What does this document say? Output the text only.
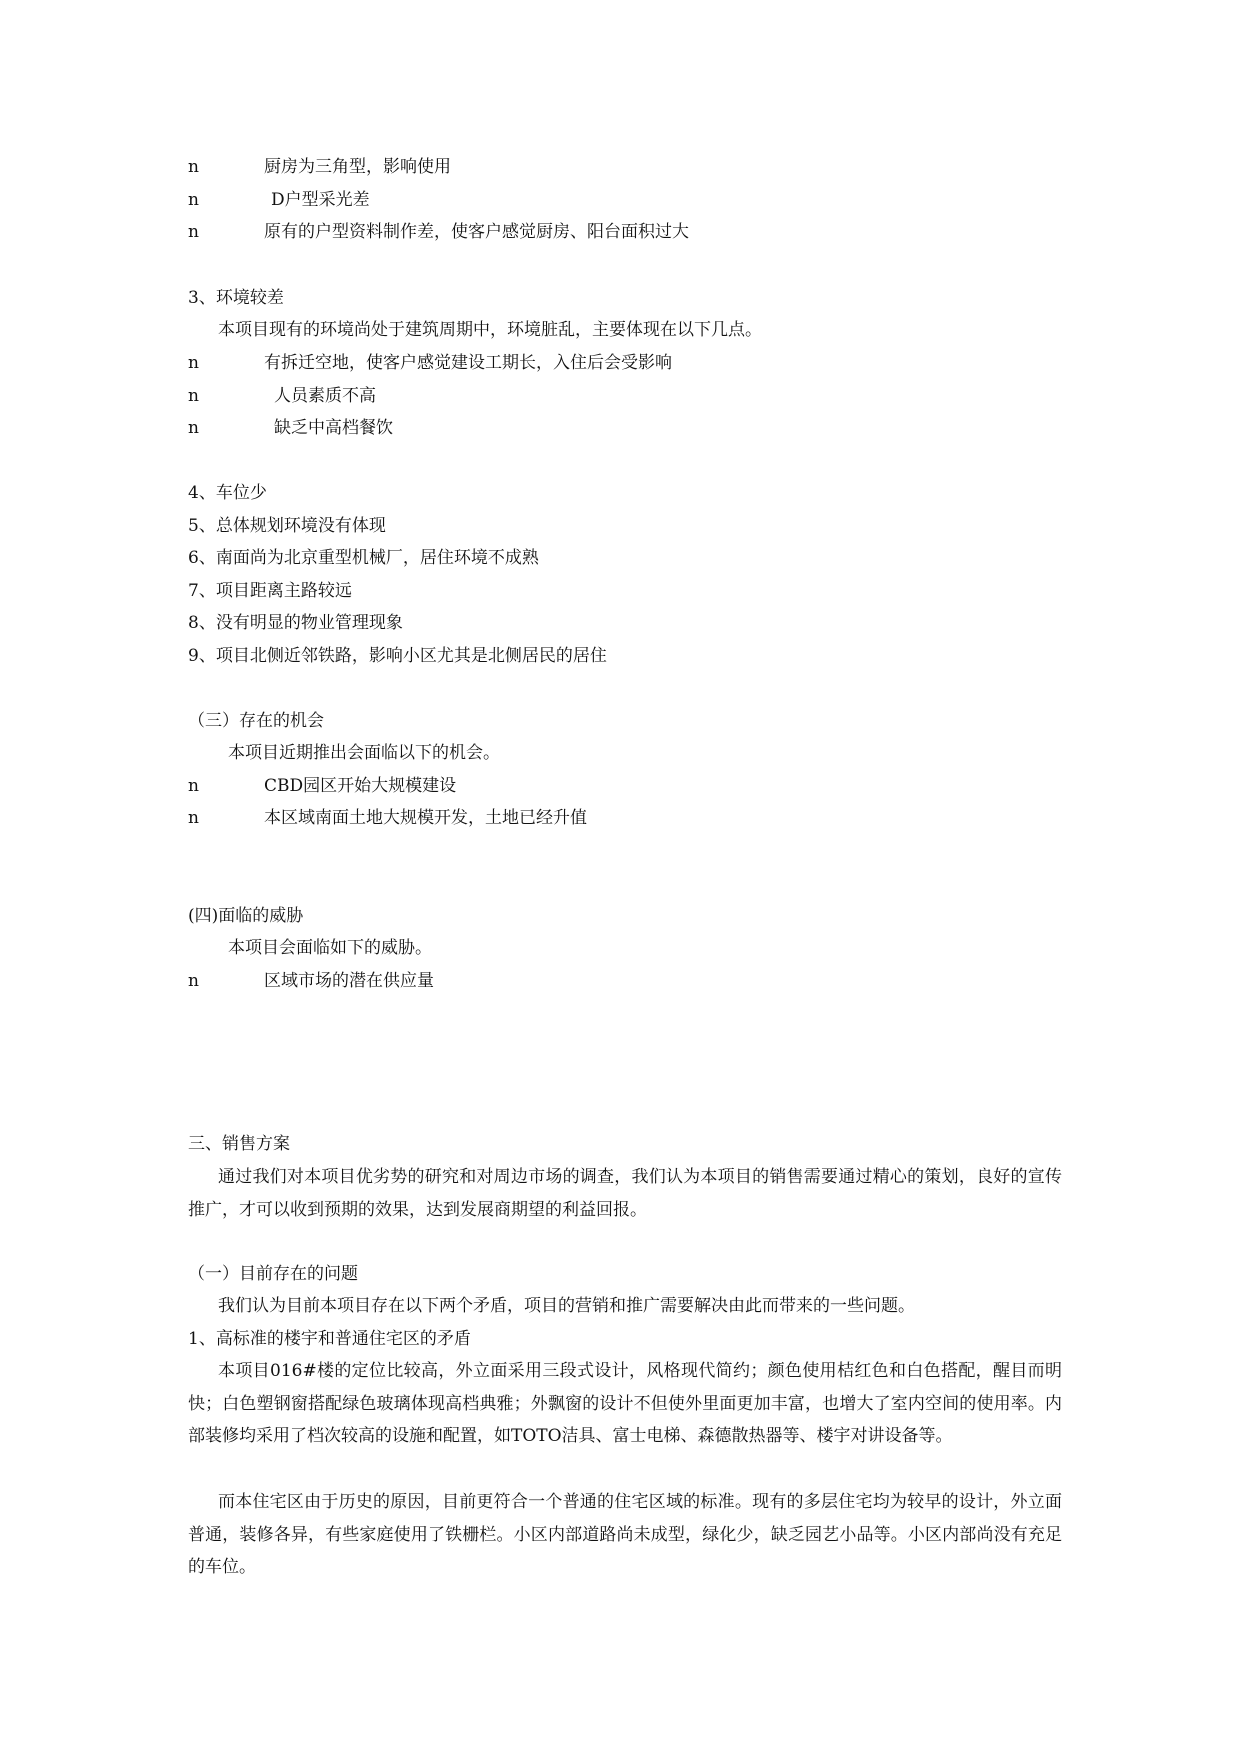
n	厨房为三角型，影响使用
n	D户型采光差
n	原有的户型资料制作差，使客户感觉厨房、阳台面积过大
3、环境较差
本项目现有的环境尚处于建筑周期中，环境脏乱，主要体现在以下几点。
n	有拆迁空地，使客户感觉建设工期长，入住后会受影响
n	人员素质不高
n	缺乏中高档餐饮
4、车位少
5、总体规划环境没有体现
6、南面尚为北京重型机械厂，居住环境不成熟
7、项目距离主路较远
8、没有明显的物业管理现象
9、项目北侧近邻铁路，影响小区尤其是北侧居民的居住
（三）存在的机会
本项目近期推出会面临以下的机会。
n	CBD园区开始大规模建设
n	本区域南面土地大规模开发，土地已经升值
(四)面临的威胁
本项目会面临如下的威胁。
n	区域市场的潜在供应量
三、销售方案
通过我们对本项目优劣势的研究和对周边市场的调查，我们认为本项目的销售需要通过精心的策划，良好的宣传推广，才可以收到预期的效果，达到发展商期望的利益回报。
（一）目前存在的问题
我们认为目前本项目存在以下两个矛盾，项目的营销和推广需要解决由此而带来的一些问题。
1、高标准的楼宇和普通住宅区的矛盾
本项目016#楼的定位比较高，外立面采用三段式设计，风格现代简约；颜色使用桔红色和白色搭配，醒目而明快；白色塑钢窗搭配绿色玻璃体现高档典雅；外飘窗的设计不但使外里面更加丰富，也增大了室内空间的使用率。内部装修均采用了档次较高的设施和配置，如TOTO洁具、富士电梯、森德散热器等、楼宇对讲设备等。
而本住宅区由于历史的原因，目前更符合一个普通的住宅区域的标准。现有的多层住宅均为较早的设计，外立面普通，装修各异，有些家庭使用了铁栅栏。小区内部道路尚未成型，绿化少，缺乏园艺小品等。小区内部尚没有充足的车位。
